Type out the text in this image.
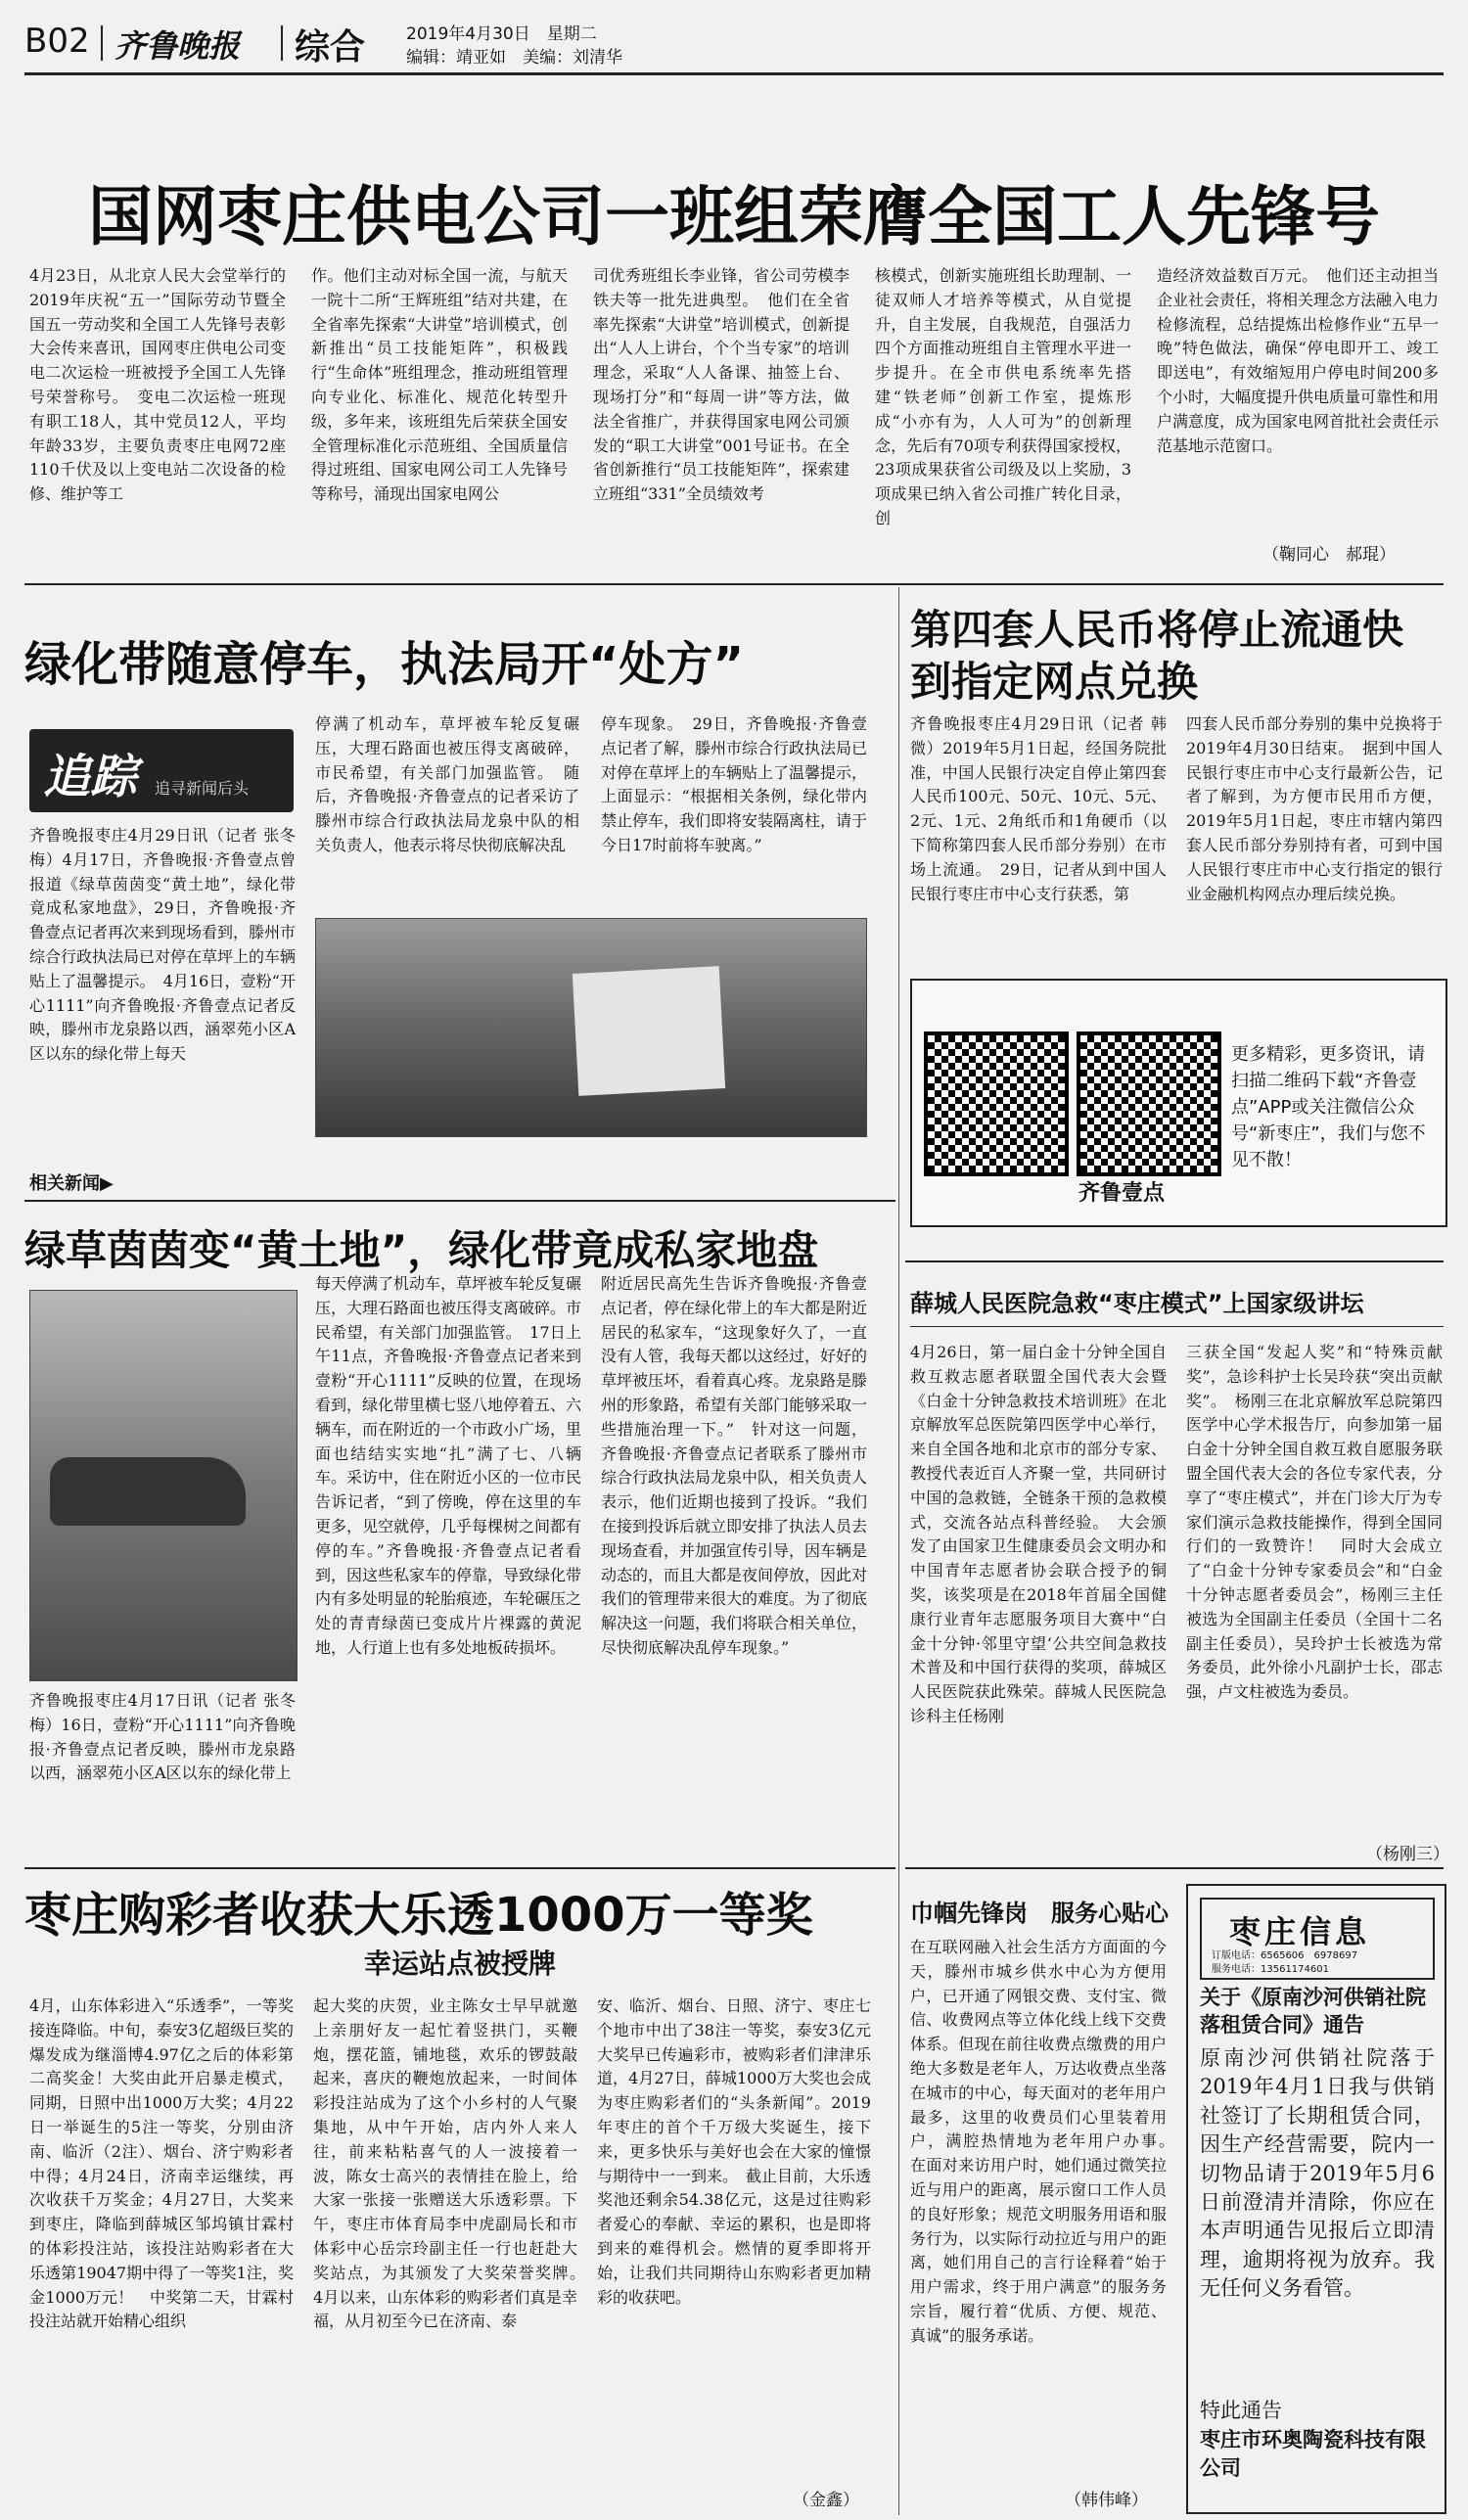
B02 齐鲁晚报 综合 2019年4月30日　星期二
编辑：靖亚如　美编：刘清华
国网枣庄供电公司一班组荣膺全国工人先锋号

4月23日，从北京人民大会堂举行的2019年庆祝“五一”国际劳动节暨全国五一劳动奖和全国工人先锋号表彰大会传来喜讯，国网枣庄供电公司变电二次运检一班被授予全国工人先锋号荣誉称号。　变电二次运检一班现有职工18人，其中党员12人，平均年龄33岁，主要负责枣庄电网72座110千伏及以上变电站二次设备的检修、维护等工

作。他们主动对标全国一流，与航天一院十二所“王辉班组”结对共建，在全省率先探索“大讲堂”培训模式，创新推出“员工技能矩阵”，积极践行“生命体”班组理念，推动班组管理向专业化、标准化、规范化转型升级，多年来，该班组先后荣获全国安全管理标准化示范班组、全国质量信得过班组、国家电网公司工人先锋号等称号，涌现出国家电网公

司优秀班组长李业锋，省公司劳模李铁夫等一批先进典型。　他们在全省率先探索“大讲堂”培训模式，创新提出“人人上讲台，个个当专家”的培训理念，采取“人人备课、抽签上台、现场打分”和“每周一讲”等方法，做法全省推广，并获得国家电网公司颁发的“职工大讲堂”001号证书。在全省创新推行“员工技能矩阵”，探索建立班组“331”全员绩效考

核模式，创新实施班组长助理制、一徒双师人才培养等模式，从自觉提升，自主发展，自我规范，自强活力四个方面推动班组自主管理水平进一步提升。在全市供电系统率先搭建“铁老师”创新工作室，提炼形成“小亦有为，人人可为”的创新理念，先后有70项专利获得国家授权，23项成果获省公司级及以上奖励，3项成果已纳入省公司推广转化目录，创

造经济效益数百万元。　他们还主动担当企业社会责任，将相关理念方法融入电力检修流程，总结提炼出检修作业“五早一晚”特色做法，确保“停电即开工、竣工即送电”，有效缩短用户停电时间200多个小时，大幅度提升供电质量可靠性和用户满意度，成为国家电网首批社会责任示范基地示范窗口。

（鞠同心　郝琨）
绿化带随意停车，执法局开“处方”
追踪 追寻新闻后头

齐鲁晚报枣庄4月29日讯（记者 张冬梅）4月17日，齐鲁晚报·齐鲁壹点曾报道《绿草茵茵变“黄土地”，绿化带竟成私家地盘》，29日，齐鲁晚报·齐鲁壹点记者再次来到现场看到，滕州市综合行政执法局已对停在草坪上的车辆贴上了温馨提示。　4月16日，壹粉“开心1111”向齐鲁晚报·齐鲁壹点记者反映，滕州市龙泉路以西，涵翠苑小区A区以东的绿化带上每天

停满了机动车，草坪被车轮反复碾压，大理石路面也被压得支离破碎，市民希望，有关部门加强监管。　随后，齐鲁晚报·齐鲁壹点的记者采访了滕州市综合行政执法局龙泉中队的相关负责人，他表示将尽快彻底解决乱

停车现象。　29日，齐鲁晚报·齐鲁壹点记者了解，滕州市综合行政执法局已对停在草坪上的车辆贴上了温馨提示，上面显示：“根据相关条例，绿化带内禁止停车，我们即将安装隔离柱，请于今日17时前将车驶离。”

相关新闻▶
第四套人民币将停止流通快到指定网点兑换

齐鲁晚报枣庄4月29日讯（记者 韩微）2019年5月1日起，经国务院批准，中国人民银行决定自停止第四套人民币100元、50元、10元、5元、2元、1元、2角纸币和1角硬币（以下简称第四套人民币部分券别）在市场上流通。　29日，记者从到中国人民银行枣庄市中心支行获悉，第

四套人民币部分券别的集中兑换将于2019年4月30日结束。　据到中国人民银行枣庄市中心支行最新公告，记者了解到，为方便市民用币方便，2019年5月1日起，枣庄市辖内第四套人民币部分券别持有者，可到中国人民银行枣庄市中心支行指定的银行业金融机构网点办理后续兑换。

齐鲁壹点
更多精彩，更多资讯，请扫描二维码下载“齐鲁壹点”APP或关注微信公众号“新枣庄”，我们与您不见不散！
绿草茵茵变“黄土地”，绿化带竟成私家地盘

齐鲁晚报枣庄4月17日讯（记者 张冬梅）16日，壹粉“开心1111”向齐鲁晚报·齐鲁壹点记者反映，滕州市龙泉路以西，涵翠苑小区A区以东的绿化带上

每天停满了机动车，草坪被车轮反复碾压，大理石路面也被压得支离破碎。市民希望，有关部门加强监管。　17日上午11点，齐鲁晚报·齐鲁壹点记者来到壹粉“开心1111”反映的位置，在现场看到，绿化带里横七竖八地停着五、六辆车，而在附近的一个市政小广场，里面也结结实实地“扎”满了七、八辆车。采访中，住在附近小区的一位市民告诉记者，“到了傍晚，停在这里的车更多，见空就停，几乎每棵树之间都有停的车。”齐鲁晚报·齐鲁壹点记者看到，因这些私家车的停靠，导致绿化带内有多处明显的轮胎痕迹，车轮碾压之处的青青绿茵已变成片片裸露的黄泥地，人行道上也有多处地板砖损坏。

附近居民高先生告诉齐鲁晚报·齐鲁壹点记者，停在绿化带上的车大都是附近居民的私家车，“这现象好久了，一直没有人管，我每天都以这经过，好好的草坪被压坏，看着真心疼。龙泉路是滕州的形象路，希望有关部门能够采取一些措施治理一下。”　针对这一问题，齐鲁晚报·齐鲁壹点记者联系了滕州市综合行政执法局龙泉中队，相关负责人表示，他们近期也接到了投诉。“我们在接到投诉后就立即安排了执法人员去现场查看，并加强宣传引导，因车辆是动态的，而且大都是夜间停放，因此对我们的管理带来很大的难度。为了彻底解决这一问题，我们将联合相关单位，尽快彻底解决乱停车现象。”

薛城人民医院急救“枣庄模式”上国家级讲坛

4月26日，第一届白金十分钟全国自救互救志愿者联盟全国代表大会暨《白金十分钟急救技术培训班》在北京解放军总医院第四医学中心举行，来自全国各地和北京市的部分专家、教授代表近百人齐聚一堂，共同研讨中国的急救链，全链条干预的急救模式，交流各站点科普经验。　大会颁发了由国家卫生健康委员会文明办和中国青年志愿者协会联合授予的铜奖，该奖项是在2018年首届全国健康行业青年志愿服务项目大赛中“白金十分钟·邻里守望‘公共空间急救技术普及和中国行获得的奖项，薛城区人民医院获此殊荣。薛城人民医院急诊科主任杨刚

三获全国“发起人奖”和“特殊贡献奖”，急诊科护士长吴玲获“突出贡献奖”。　杨刚三在北京解放军总院第四医学中心学术报告厅，向参加第一届白金十分钟全国自救互救自愿服务联盟全国代表大会的各位专家代表，分享了“枣庄模式”，并在门诊大厅为专家们演示急救技能操作，得到全国同行们的一致赞许！　同时大会成立了“白金十分钟专家委员会”和“白金十分钟志愿者委员会”，杨刚三主任被选为全国副主任委员（全国十二名副主任委员），吴玲护士长被选为常务委员，此外徐小凡副护士长，邵志强，卢文柱被选为委员。

（杨刚三）
枣庄购彩者收获大乐透1000万一等奖
幸运站点被授牌

4月，山东体彩进入“乐透季”，一等奖接连降临。中旬，泰安3亿超级巨奖的爆发成为继淄博4.97亿之后的体彩第二高奖金！大奖由此开启暴走模式，同期，日照中出1000万大奖；4月22日一举诞生的5注一等奖，分别由济南、临沂（2注）、烟台、济宁购彩者中得；4月24日，济南幸运继续，再次收获千万奖金；4月27日，大奖来到枣庄，降临到薛城区邹坞镇甘霖村的体彩投注站，该投注站购彩者在大乐透第19047期中得了一等奖1注，奖金1000万元！　中奖第二天，甘霖村投注站就开始精心组织

起大奖的庆贺，业主陈女士早早就邀上亲朋好友一起忙着竖拱门，买鞭炮，摆花篮，铺地毯，欢乐的锣鼓敲起来，喜庆的鞭炮放起来，一时间体彩投注站成为了这个小乡村的人气聚集地，从中午开始，店内外人来人往，前来粘粘喜气的人一波接着一波，陈女士高兴的表情挂在脸上，给大家一张接一张赠送大乐透彩票。下午，枣庄市体育局李中虎副局长和市体彩中心岳宗玲副主任一行也赶赴大奖站点，为其颁发了大奖荣誉奖牌。　4月以来，山东体彩的购彩者们真是幸福，从月初至今已在济南、泰

安、临沂、烟台、日照、济宁、枣庄七个地市中出了38注一等奖，泰安3亿元大奖早已传遍彩市，被购彩者们津津乐道，4月27日，薛城1000万大奖也会成为枣庄购彩者们的“头条新闻”。2019年枣庄的首个千万级大奖诞生，接下来，更多快乐与美好也会在大家的憧憬与期待中一一到来。　截止目前，大乐透奖池还剩余54.38亿元，这是过往购彩者爱心的奉献、幸运的累积，也是即将到来的难得机会。燃情的夏季即将开始，让我们共同期待山东购彩者更加精彩的收获吧。

（金鑫）
巾帼先锋岗　服务心贴心

在互联网融入社会生活方方面面的今天，滕州市城乡供水中心为方便用户，已开通了网银交费、支付宝、微信、收费网点等立体化线上线下交费体系。但现在前往收费点缴费的用户绝大多数是老年人，万达收费点坐落在城市的中心，每天面对的老年用户最多，这里的收费员们心里装着用户，满腔热情地为老年用户办事。　在面对来访用户时，她们通过微笑拉近与用户的距离，展示窗口工作人员的良好形象；规范文明服务用语和服务行为，以实际行动拉近与用户的距离，她们用自己的言行诠释着“始于用户需求，终于用户满意”的服务务宗旨，履行着“优质、方便、规范、真诚”的服务承诺。

（韩伟峰）
枣庄信息
订版电话：6565606　6978697
服务电话：13561174601
关于《原南沙河供销社院落租赁合同》通告
原南沙河供销社院落于2019年4月1日我与供销社签订了长期租赁合同，因生产经营需要，院内一切物品请于2019年5月6日前澄清并清除，你应在本声明通告见报后立即清理，逾期将视为放弃。我无任何义务看管。
特此通告
枣庄市环奥陶瓷科技有限公司
